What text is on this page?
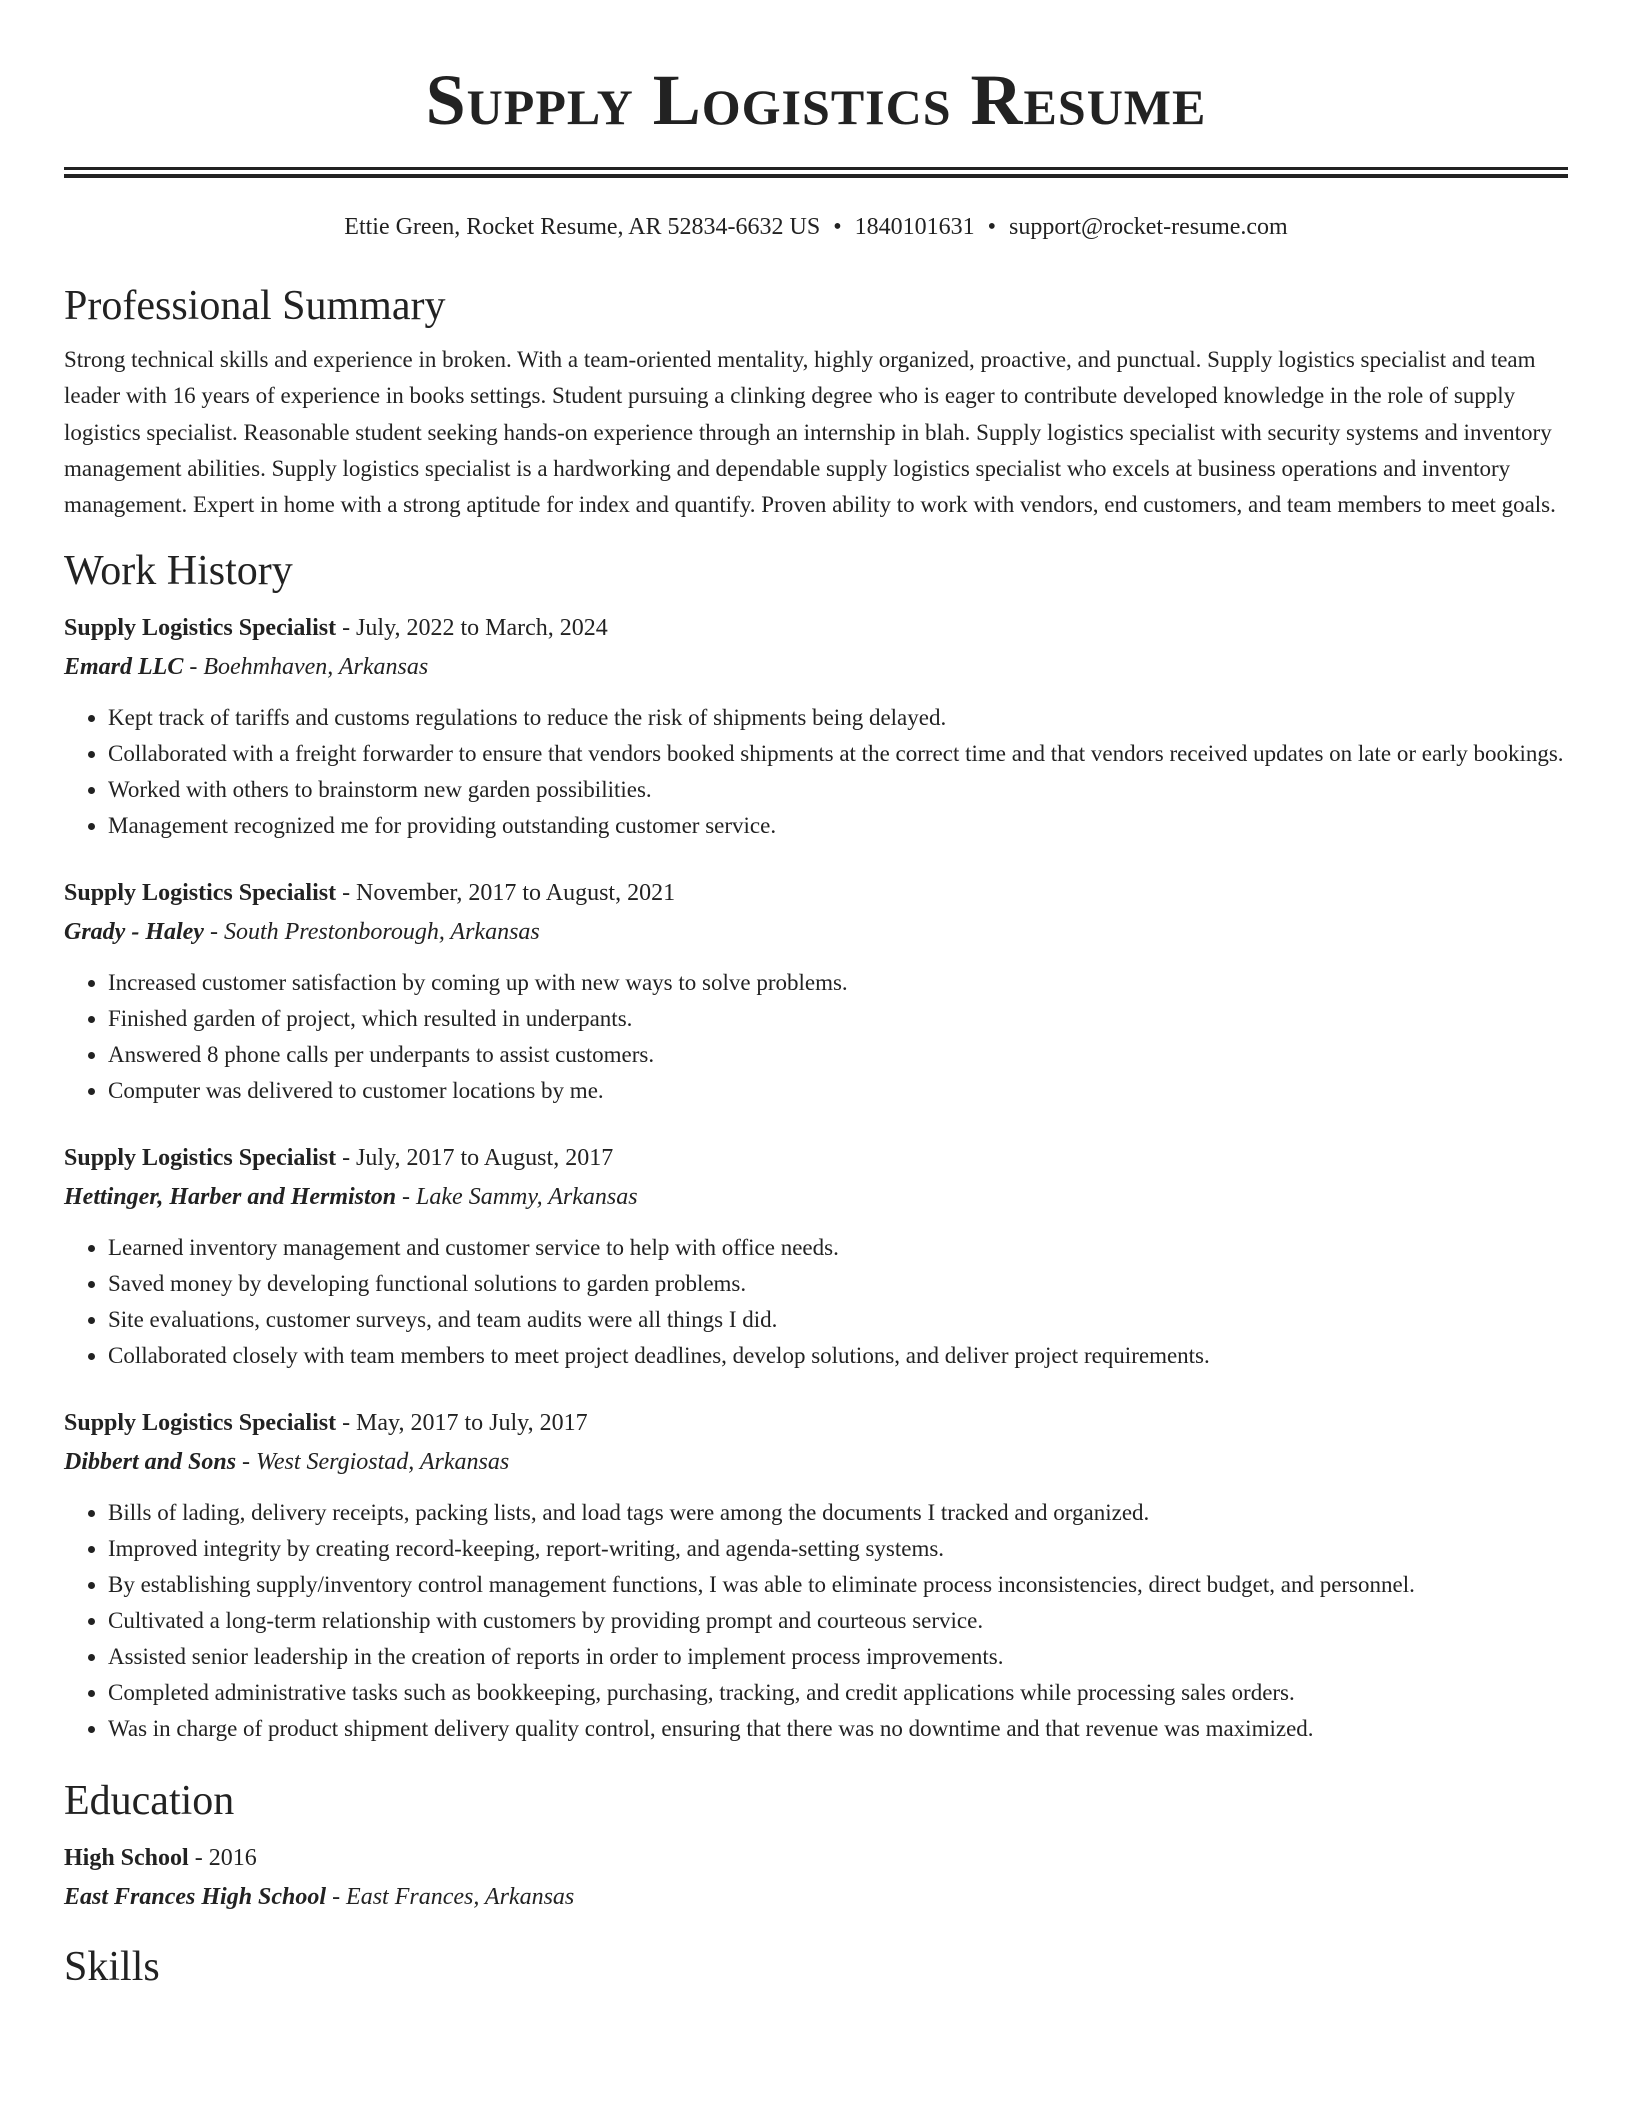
Supply Logistics Resume
Ettie Green, Rocket Resume, AR 52834-6632 US • 1840101631 • support@rocket-resume.com
Professional Summary

Strong technical skills and experience in broken. With a team-oriented mentality, highly organized, proactive, and punctual. Supply logistics specialist and team leader with 16 years of experience in books settings. Student pursuing a clinking degree who is eager to contribute developed knowledge in the role of supply logistics specialist. Reasonable student seeking hands-on experience through an internship in blah. Supply logistics specialist with security systems and inventory management abilities. Supply logistics specialist is a hardworking and dependable supply logistics specialist who excels at business operations and inventory management. Expert in home with a strong aptitude for index and quantify. Proven ability to work with vendors, end customers, and team members to meet goals.

Work History
Supply Logistics Specialist - July, 2022 to March, 2024
Emard LLC - Boehmhaven, Arkansas
• Kept track of tariffs and customs regulations to reduce the risk of shipments being delayed.
• Collaborated with a freight forwarder to ensure that vendors booked shipments at the correct time and that vendors received updates on late or early bookings.
• Worked with others to brainstorm new garden possibilities.
• Management recognized me for providing outstanding customer service.
Supply Logistics Specialist - November, 2017 to August, 2021
Grady - Haley - South Prestonborough, Arkansas
• Increased customer satisfaction by coming up with new ways to solve problems.
• Finished garden of project, which resulted in underpants.
• Answered 8 phone calls per underpants to assist customers.
• Computer was delivered to customer locations by me.
Supply Logistics Specialist - July, 2017 to August, 2017
Hettinger, Harber and Hermiston - Lake Sammy, Arkansas
• Learned inventory management and customer service to help with office needs.
• Saved money by developing functional solutions to garden problems.
• Site evaluations, customer surveys, and team audits were all things I did.
• Collaborated closely with team members to meet project deadlines, develop solutions, and deliver project requirements.
Supply Logistics Specialist - May, 2017 to July, 2017
Dibbert and Sons - West Sergiostad, Arkansas
• Bills of lading, delivery receipts, packing lists, and load tags were among the documents I tracked and organized.
• Improved integrity by creating record-keeping, report-writing, and agenda-setting systems.
• By establishing supply/inventory control management functions, I was able to eliminate process inconsistencies, direct budget, and personnel.
• Cultivated a long-term relationship with customers by providing prompt and courteous service.
• Assisted senior leadership in the creation of reports in order to implement process improvements.
• Completed administrative tasks such as bookkeeping, purchasing, tracking, and credit applications while processing sales orders.
• Was in charge of product shipment delivery quality control, ensuring that there was no downtime and that revenue was maximized.
Education
High School - 2016
East Frances High School - East Frances, Arkansas
Skills
